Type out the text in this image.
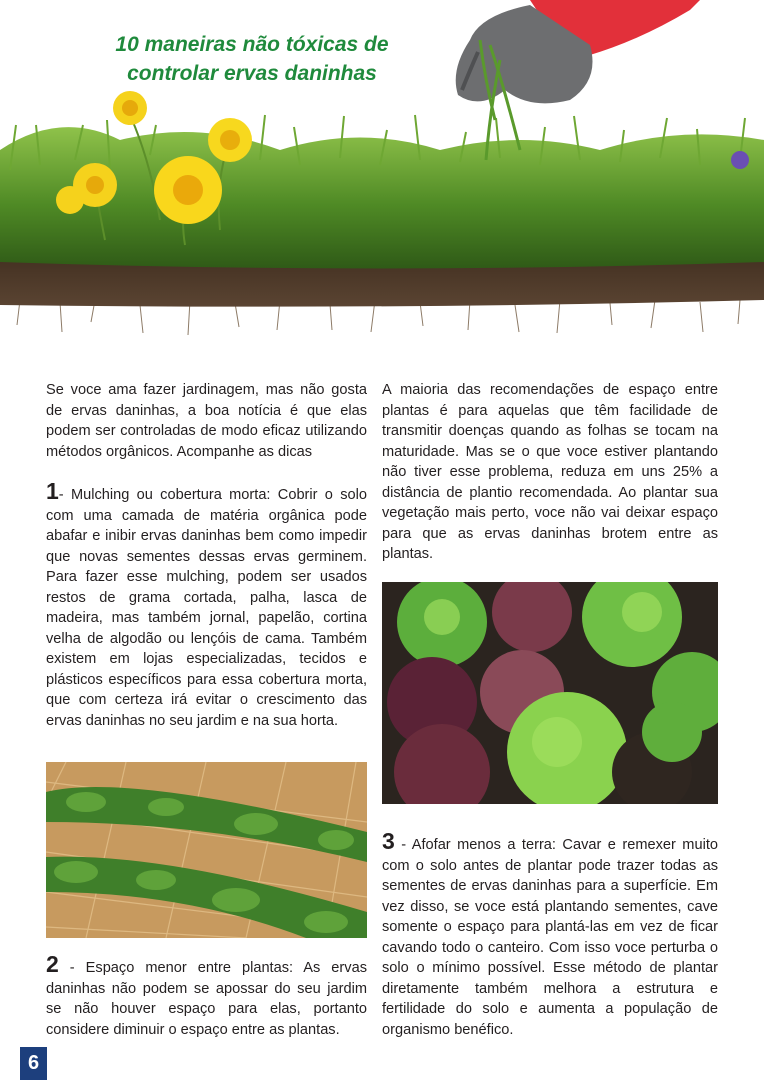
10 maneiras não tóxicas de
controlar ervas daninhas

Se voce ama fazer jardinagem, mas não gosta de ervas daninhas, a boa notícia é que elas podem ser controladas de modo eficaz utilizando métodos orgânicos. Acompanhe as dicas

1- Mulching ou cobertura morta: Cobrir o solo com uma camada de matéria orgânica pode abafar e inibir ervas daninhas bem como impedir que novas sementes dessas ervas germinem. Para fazer esse mulching, podem ser usados restos de grama cortada, palha, lasca de madeira, mas também jornal, papelão, cortina velha de algodão ou lençóis de cama. Também existem em lojas especializadas, tecidos e plásticos específicos para essa cobertura morta, que com certeza irá evitar o crescimento das ervas daninhas no seu jardim e na sua horta.

2 - Espaço menor entre plantas: As ervas daninhas não podem se apossar do seu jardim se não houver espaço para elas, portanto considere diminuir o espaço entre as plantas.

A maioria das recomendações de espaço entre plantas é para aquelas que têm facilidade de transmitir doenças quando as folhas se tocam na maturidade. Mas se o que voce estiver plantando não tiver esse problema, reduza em uns 25% a distância de plantio recomendada. Ao plantar sua vegetação mais perto, voce não vai deixar espaço para que as ervas daninhas brotem entre as plantas.

3 - Afofar menos a terra: Cavar e remexer muito com o solo antes de plantar pode trazer todas as sementes de ervas daninhas para a superfície. Em vez disso, se voce está plantando sementes, cave somente o espaço para plantá-las em vez de ficar cavando todo o canteiro. Com isso voce perturba o solo o mínimo possível. Esse método de plantar diretamente também melhora a estrutura e fertilidade do solo e aumenta a população de organismo benéfico.

6
